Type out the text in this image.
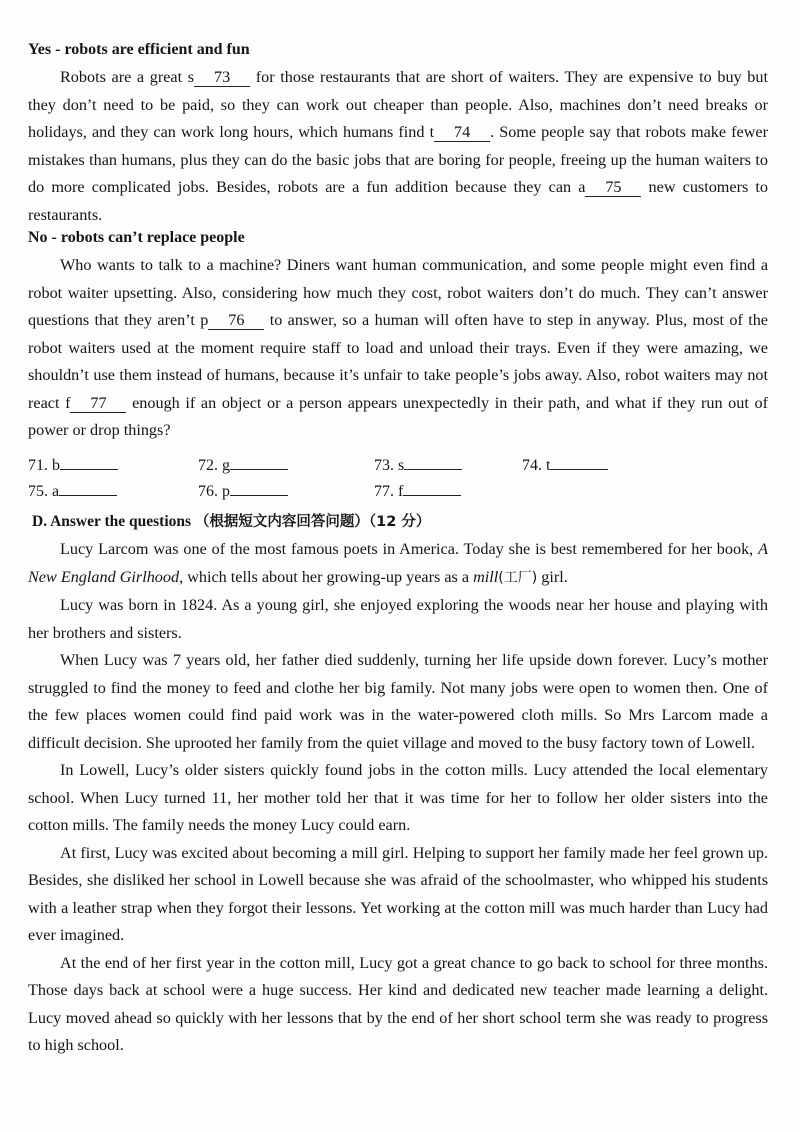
Yes - robots are efficient and fun

Robots are a great s 73 for those restaurants that are short of waiters. They are expensive to buy but they don’t need to be paid, so they can work out cheaper than people. Also, machines don’t need breaks or holidays, and they can work long hours, which humans find t 74 . Some people say that robots make fewer mistakes than humans, plus they can do the basic jobs that are boring for people, freeing up the human waiters to do more complicated jobs. Besides, robots are a fun addition because they can a 75 new customers to restaurants.

No - robots can’t replace people

Who wants to talk to a machine? Diners want human communication, and some people might even find a robot waiter upsetting. Also, considering how much they cost, robot waiters don’t do much. They can’t answer questions that they aren’t p 76 to answer, so a human will often have to step in anyway. Plus, most of the robot waiters used at the moment require staff to load and unload their trays. Even if they were amazing, we shouldn’t use them instead of humans, because it’s unfair to take people’s jobs away. Also, robot waiters may not react f 77 enough if an object or a person appears unexpectedly in their path, and what if they run out of power or drop things?

71. b	72. g	73. s	74. t
75. a	76. p	77. f

D. Answer the questions （根据短文内容回答问题）（12 分）

Lucy Larcom was one of the most famous poets in America. Today she is best remembered for her book, A New England Girlhood, which tells about her growing-up years as a mill(工厂) girl.

Lucy was born in 1824. As a young girl, she enjoyed exploring the woods near her house and playing with her brothers and sisters.

When Lucy was 7 years old, her father died suddenly, turning her life upside down forever. Lucy’s mother struggled to find the money to feed and clothe her big family. Not many jobs were open to women then. One of the few places women could find paid work was in the water-powered cloth mills. So Mrs Larcom made a difficult decision. She uprooted her family from the quiet village and moved to the busy factory town of Lowell.

In Lowell, Lucy’s older sisters quickly found jobs in the cotton mills. Lucy attended the local elementary school. When Lucy turned 11, her mother told her that it was time for her to follow her older sisters into the cotton mills. The family needs the money Lucy could earn.

At first, Lucy was excited about becoming a mill girl. Helping to support her family made her feel grown up. Besides, she disliked her school in Lowell because she was afraid of the schoolmaster, who whipped his students with a leather strap when they forgot their lessons. Yet working at the cotton mill was much harder than Lucy had ever imagined.

At the end of her first year in the cotton mill, Lucy got a great chance to go back to school for three months. Those days back at school were a huge success. Her kind and dedicated new teacher made learning a delight. Lucy moved ahead so quickly with her lessons that by the end of her short school term she was ready to progress to high school.
